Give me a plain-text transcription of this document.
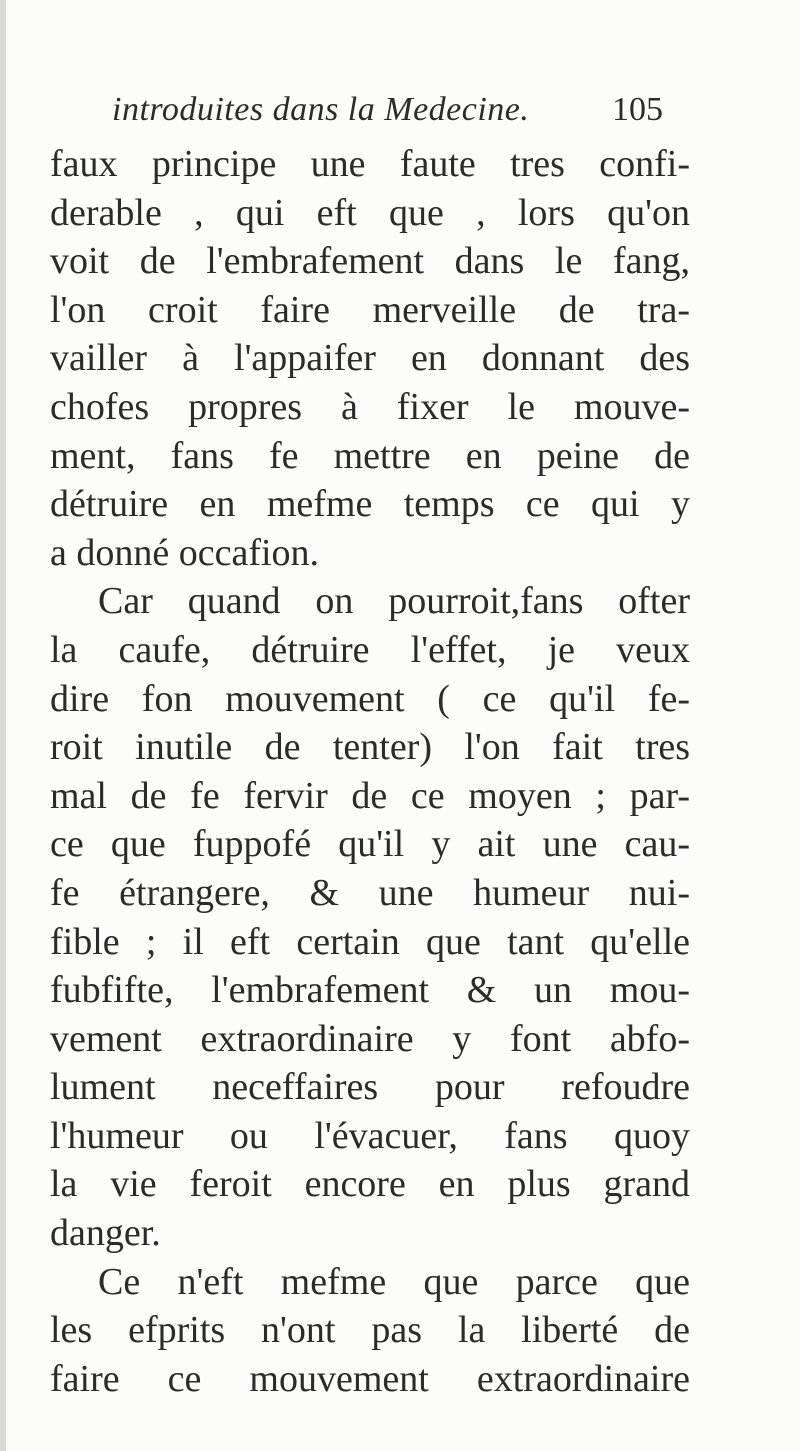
introduites dans la Medecine.	105
faux principe une faute tres confi-
derable , qui eft que , lors qu'on
voit de l'embrafement dans le fang,
l'on croit faire merveille de tra-
vailler à l'appaifer en donnant des
chofes propres à fixer le mouve-
ment, fans fe mettre en peine de
détruire en mefme temps ce qui y
a donné occafion.
Car quand on pourroit,fans ofter
la caufe, détruire l'effet, je veux
dire fon mouvement ( ce qu'il fe-
roit inutile de tenter) l'on fait tres
mal de fe fervir de ce moyen ; par-
ce que fuppofé qu'il y ait une cau-
fe étrangere, & une humeur nui-
fible ; il eft certain que tant qu'elle
fubfifte, l'embrafement & un mou-
vement extraordinaire y font abfo-
lument neceffaires pour refoudre
l'humeur ou l'évacuer, fans quoy
la vie feroit encore en plus grand
danger.
Ce n'eft mefme que parce que
les efprits n'ont pas la liberté de
faire ce mouvement extraordinaire
